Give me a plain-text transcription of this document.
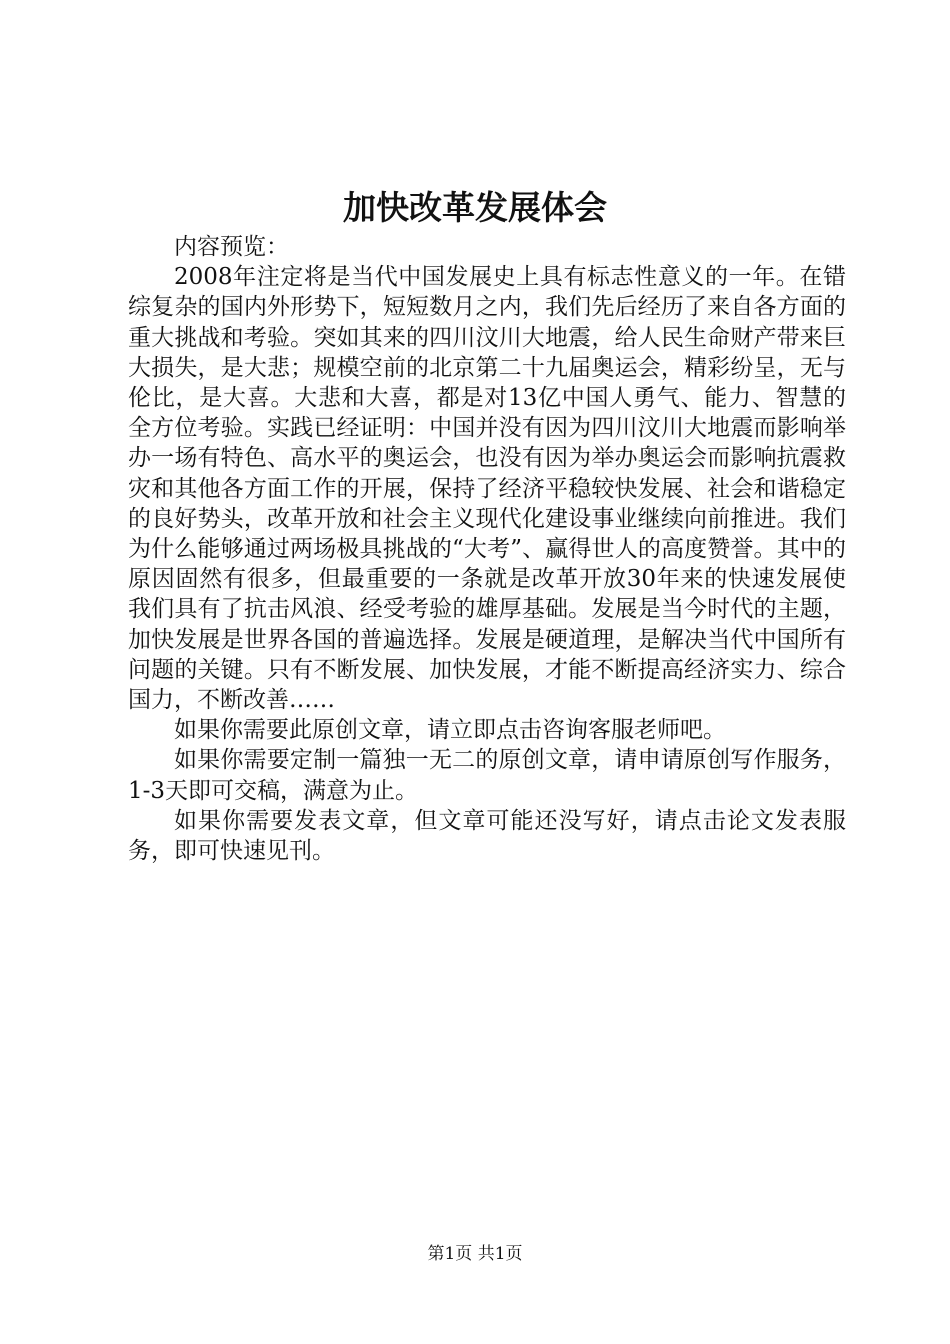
加快改革发展体会

内容预览：

2008年注定将是当代中国发展史上具有标志性意义的一年。在错综复杂的国内外形势下，短短数月之内，我们先后经历了来自各方面的重大挑战和考验。突如其来的四川汶川大地震，给人民生命财产带来巨大损失，是大悲；规模空前的北京第二十九届奥运会，精彩纷呈，无与伦比，是大喜。大悲和大喜，都是对13亿中国人勇气、能力、智慧的全方位考验。实践已经证明：中国并没有因为四川汶川大地震而影响举办一场有特色、高水平的奥运会，也没有因为举办奥运会而影响抗震救灾和其他各方面工作的开展，保持了经济平稳较快发展、社会和谐稳定的良好势头，改革开放和社会主义现代化建设事业继续向前推进。我们为什么能够通过两场极具挑战的“大考”、赢得世人的高度赞誉。其中的原因固然有很多，但最重要的一条就是改革开放30年来的快速发展使我们具有了抗击风浪、经受考验的雄厚基础。发展是当今时代的主题，加快发展是世界各国的普遍选择。发展是硬道理，是解决当代中国所有问题的关键。只有不断发展、加快发展，才能不断提高经济实力、综合国力，不断改善……

如果你需要此原创文章，请立即点击咨询客服老师吧。

如果你需要定制一篇独一无二的原创文章，请申请原创写作服务，1-3天即可交稿，满意为止。

如果你需要发表文章，但文章可能还没写好，请点击论文发表服务，即可快速见刊。

第1页 共1页
